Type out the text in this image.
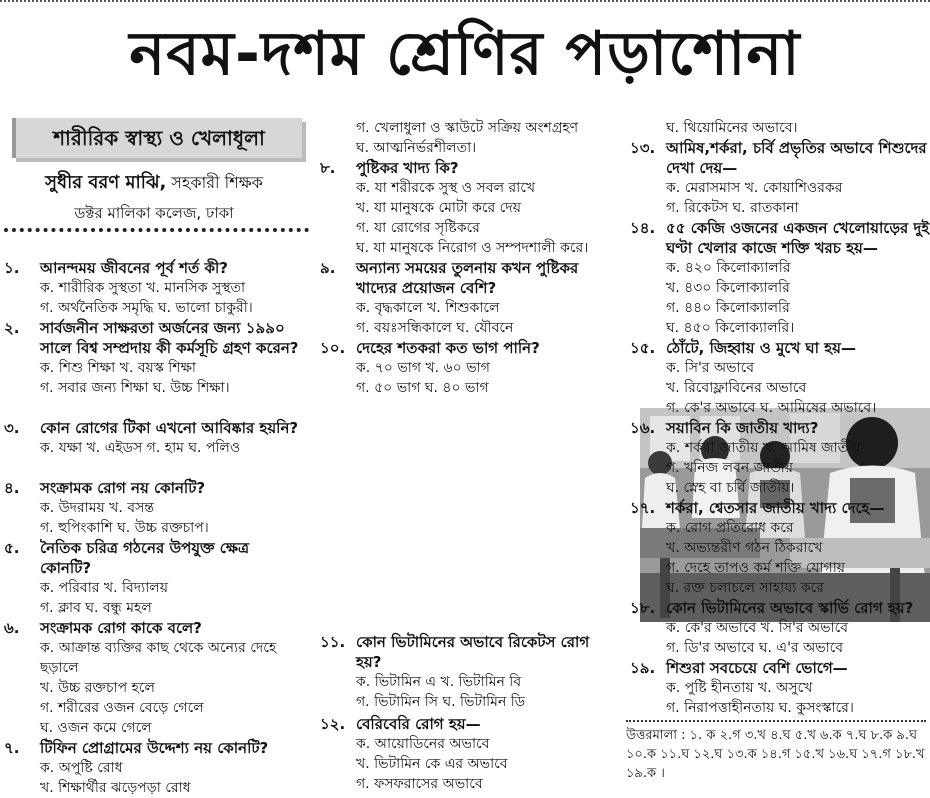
নবম-দশম শ্রেণির পড়াশোনা
শারীরিক স্বাস্থ্য ও খেলাধূলা
সুধীর বরণ মাঝি, সহকারী শিক্ষক
ডক্টর মালিকা কলেজ, ঢাকা
১. আনন্দময় জীবনের পূর্ব শর্ত কী?
ক. শারীরিক সুস্থতা খ. মানসিক সুস্থতা
গ. অর্থনৈতিক সমৃদ্ধি ঘ. ভালো চাকুরী।
২. সার্বজনীন সাক্ষরতা অর্জনের জন্য ১৯৯০ সালে বিশ্ব সম্প্রদায় কী কর্মসূচি গ্রহণ করেন?
ক. শিশু শিক্ষা খ. বয়স্ক শিক্ষা
গ. সবার জন্য শিক্ষা ঘ. উচ্চ শিক্ষা।
৩. কোন রোগের টিকা এখনো আবিষ্কার হয়নি?
ক. যক্ষা খ. এইডস গ. হাম ঘ. পলিও
৪. সংক্রামক রোগ নয় কোনটি?
ক. উদরাময় খ. বসন্ত
গ. হুপিংকাশি ঘ. উচ্চ রক্তচাপ।
৫. নৈতিক চরিত্র গঠনের উপযুক্ত ক্ষেত্র কোনটি?
ক. পরিবার খ. বিদ্যালয়
গ. ক্লাব ঘ. বন্ধু মহল
৬. সংক্রামক রোগ কাকে বলে?
ক. আক্রান্ত ব্যক্তির কাছ থেকে অন্যের দেহে ছড়ালে
খ. উচ্চ রক্তচাপ হলে
গ. শরীরের ওজন বেড়ে গেলে
ঘ. ওজন কমে গেলে
৭. টিফিন প্রোগ্রামের উদ্দেশ্য নয় কোনটি?
ক. অপুষ্টি রোধ
খ. শিক্ষার্থীর ঝড়েপড়া রোধ
গ. খেলাধুলা ও স্কাউটে সক্রিয় অংশগ্রহণ
ঘ. আত্মনির্ভরশীলতা।
৮. পুষ্টিকর খাদ্য কি?
ক. যা শরীরকে সুস্থ ও সবল রাখে
খ. যা মানুষকে মোটা করে দেয়
গ. যা রোগের সৃষ্টিকরে
ঘ. যা মানুষকে নিরোগ ও সম্পদশালী করে।
৯. অন্যান্য সময়ের তুলনায় কখন পুষ্টিকর খাদ্যের প্রয়োজন বেশি?
ক. বৃদ্ধকালে খ. শিশুকালে
গ. বয়ঃসন্ধিকালে ঘ. যৌবনে
১০. দেহের শতকরা কত ভাগ পানি?
ক. ৭০ ভাগ খ. ৬০ ভাগ
গ. ৫০ ভাগ ঘ. ৪০ ভাগ
১১. কোন ভিটামিনের অভাবে রিকেটস রোগ হয়?
ক. ভিটামিন এ খ. ভিটামিন বি
গ. ভিটামিন সি ঘ. ভিটামিন ডি
১২. বেরিবেরি রোগ হয়—
ক. আয়োডিনের অভাবে
খ. ভিটামিন কে এর অভাবে
গ. ফসফরাসের অভাবে
ঘ. থিয়োমিনের অভাবে।
১৩. আমিষ,শর্করা, চর্বি প্রভৃতির অভাবে শিশুদের দেখা দেয়—
ক. মেরাসমাস খ. কোয়াশিওরকর
গ. রিকেটস ঘ. রাতকানা
১৪. ৫৫ কেজি ওজনের একজন খেলোয়াড়ের দুই ঘণ্টা খেলার কাজে শক্তি খরচ হয়—
ক. ৪২০ কিলোক্যালরি
খ. ৪৩০ কিলোক্যালরি
গ. ৪৪০ কিলোক্যালরি
ঘ. ৪৫০ কিলোক্যালরি।
১৫. ঠোঁটে, জিহ্বায় ও মুখে ঘা হয়—
ক. সি'র অভাবে
খ. রিবোফ্লাবিনের অভাবে
গ. কে'র অভাবে ঘ. আমিষের অভাবে।
১৬. সয়াবিন কি জাতীয় খাদ্য?
ক. শর্করা জাতীয় খ. আমিষ জাতীয়
গ. খনিজ লবন জাতীয়
ঘ. স্নেহ বা চর্বি জাতীয়।
১৭. শর্করা, শ্বেতসার জাতীয় খাদ্য দেহে—
ক. রোগ প্রতিরোধ করে
খ. অভ্যন্তরীণ গঠন ঠিকরাখে
গ. দেহে তাপও কর্ম শক্তি যোগায়
ঘ. রক্ত চলাচলে সাহায্য করে
১৮. কোন ভিটামিনের অভাবে স্কার্ভি রোগ হয়?
ক. কে'র অভাবে খ. সি'র অভাবে
গ. ডি'র অভাবে ঘ. এ'র অভাবে
১৯. শিশুরা সবচেয়ে বেশি ভোগে—
ক. পুষ্টি হীনতায় খ. অসুখে
গ. নিরাপত্তাহীনতায় ঘ. কুসংস্কারে।
উত্তরমালা : ১. ক ২.গ ৩.খ ৪.ঘ ৫.খ ৬.ক ৭.ঘ ৮.ক ৯.ঘ ১০.ক ১১.ঘ ১২.ঘ ১৩.ক ১৪.গ ১৫.খ ১৬.ঘ ১৭.গ ১৮.খ ১৯.ক ।
